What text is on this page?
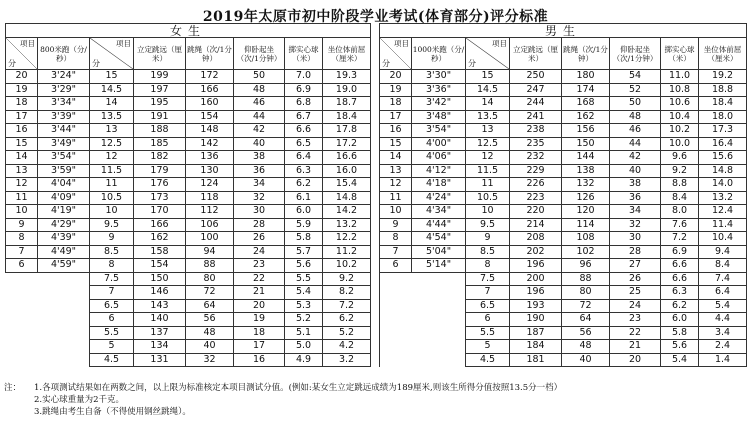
2019年太原市初中阶段学业考试(体育部分)评分标准
女生									男生							

项目
分	800米跑（分/秒）	项目
分	立定跳远（厘米）	跳绳（次/1分钟）	仰卧起坐（次/1分钟）	掷实心球（米）	坐位体前屈（厘米）		项目
分	1000米跑（分/秒）	项目
分	立定跳远（厘米）	跳绳（次/1分钟）	仰卧起坐（次/1分钟）	掷实心球（米）	坐位体前屈（厘米）
20	3'24"	15	199	172	50	7.0	19.3		20	3'30"	15	250	180	54	11.0	19.2
19	3'29"	14.5	197	166	48	6.9	19.0		19	3'36"	14.5	247	174	52	10.8	18.8
18	3'34"	14	195	160	46	6.8	18.7		18	3'42"	14	244	168	50	10.6	18.4
17	3'39"	13.5	191	154	44	6.7	18.4		17	3'48"	13.5	241	162	48	10.4	18.0
16	3'44"	13	188	148	42	6.6	17.8		16	3'54"	13	238	156	46	10.2	17.3
15	3'49"	12.5	185	142	40	6.5	17.2		15	4'00"	12.5	235	150	44	10.0	16.4
14	3'54"	12	182	136	38	6.4	16.6		14	4'06"	12	232	144	42	9.6	15.6
13	3'59"	11.5	179	130	36	6.3	16.0		13	4'12"	11.5	229	138	40	9.2	14.8
12	4'04"	11	176	124	34	6.2	15.4		12	4'18"	11	226	132	38	8.8	14.0
11	4'09"	10.5	173	118	32	6.1	14.8		11	4'24"	10.5	223	126	36	8.4	13.2
10	4'19"	10	170	112	30	6.0	14.2		10	4'34"	10	220	120	34	8.0	12.4
9	4'29"	9.5	166	106	28	5.9	13.2		9	4'44"	9.5	214	114	32	7.6	11.4
8	4'39"	9	162	100	26	5.8	12.2		8	4'54"	9	208	108	30	7.2	10.4
7	4'49"	8.5	158	94	24	5.7	11.2		7	5'04"	8.5	202	102	28	6.9	9.4
6	4'59"	8	154	88	23	5.6	10.2		6	5'14"	8	196	96	27	6.6	8.4
		7.5	150	80	22	5.5	9.2				7.5	200	88	26	6.6	7.4
		7	146	72	21	5.4	8.2				7	196	80	25	6.3	6.4
		6.5	143	64	20	5.3	7.2				6.5	193	72	24	6.2	5.4
		6	140	56	19	5.2	6.2				6	190	64	23	6.0	4.4
		5.5	137	48	18	5.1	5.2				5.5	187	56	22	5.8	3.4
		5	134	40	17	5.0	4.2				5	184	48	21	5.6	2.4
		4.5	131	32	16	4.9	3.2				4.5	181	40	20	5.4	1.4
注： 1.各项测试结果如在两数之间，以上限为标准核定本项目测试分值。(例如:某女生立定跳远成绩为189厘米,则该生所得分值按照13.5分一档）
2.实心球重量为2千克。
3.跳绳由考生自备（不得使用钢丝跳绳）。
